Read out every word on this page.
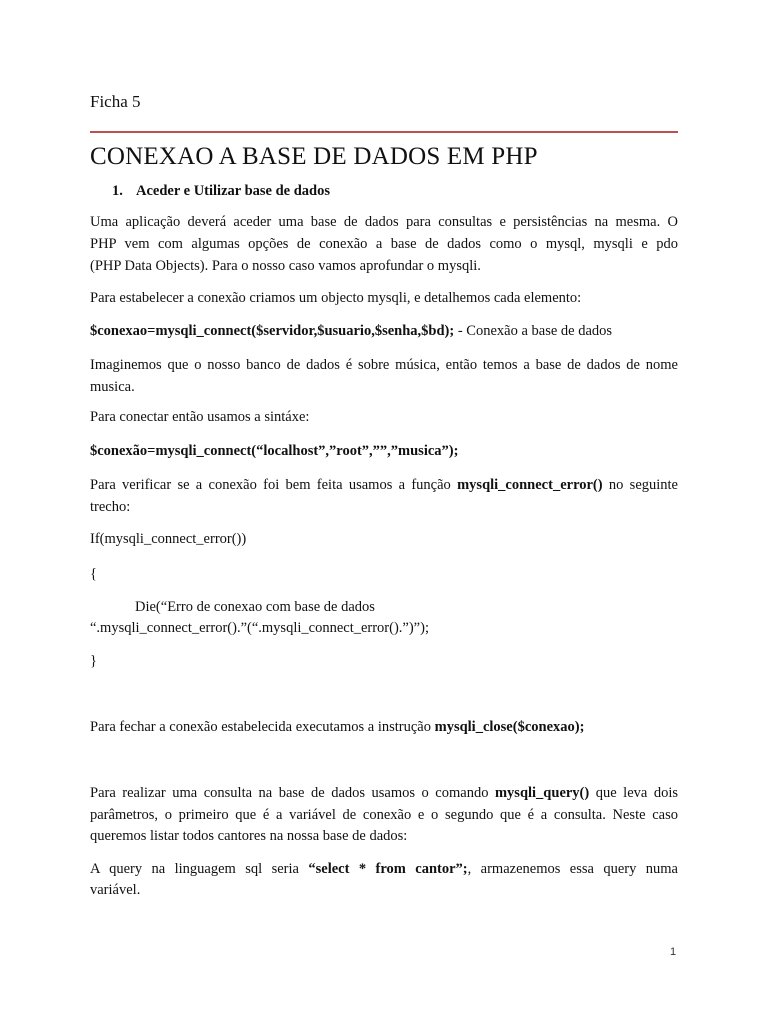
Ficha 5

CONEXAO A BASE DE DADOS EM PHP

1. Aceder e Utilizar base de dados

Uma aplicação deverá aceder uma base de dados para consultas e persistências na mesma. O

PHP vem com algumas opções de conexão a base de dados como o mysql, mysqli e pdo

(PHP Data Objects). Para o nosso caso vamos aprofundar o mysqli.

Para estabelecer a conexão criamos um objecto mysqli, e detalhemos cada elemento:

$conexao=mysqli_connect($servidor,$usuario,$senha,$bd); - Conexão a base de dados

Imaginemos que o nosso banco de dados é sobre música, então temos a base de dados de nome

musica.

Para conectar então usamos a sintáxe:

$conexão=mysqli_connect(“localhost”,”root”,””,”musica”);

Para verificar se a conexão foi bem feita usamos a função mysqli_connect_error() no seguinte

trecho:

If(mysqli_connect_error())

{

Die(“Erro de conexao com base de dados

“.mysqli_connect_error().”(“.mysqli_connect_error().”)”);

}

Para fechar a conexão estabelecida executamos a instrução mysqli_close($conexao);

Para realizar uma consulta na base de dados usamos o comando mysqli_query() que leva dois

parâmetros, o primeiro que é a variável de conexão e o segundo que é a consulta. Neste caso

queremos listar todos cantores na nossa base de dados:

A query na linguagem sql seria “select * from cantor”;, armazenemos essa query numa

variável.

1
